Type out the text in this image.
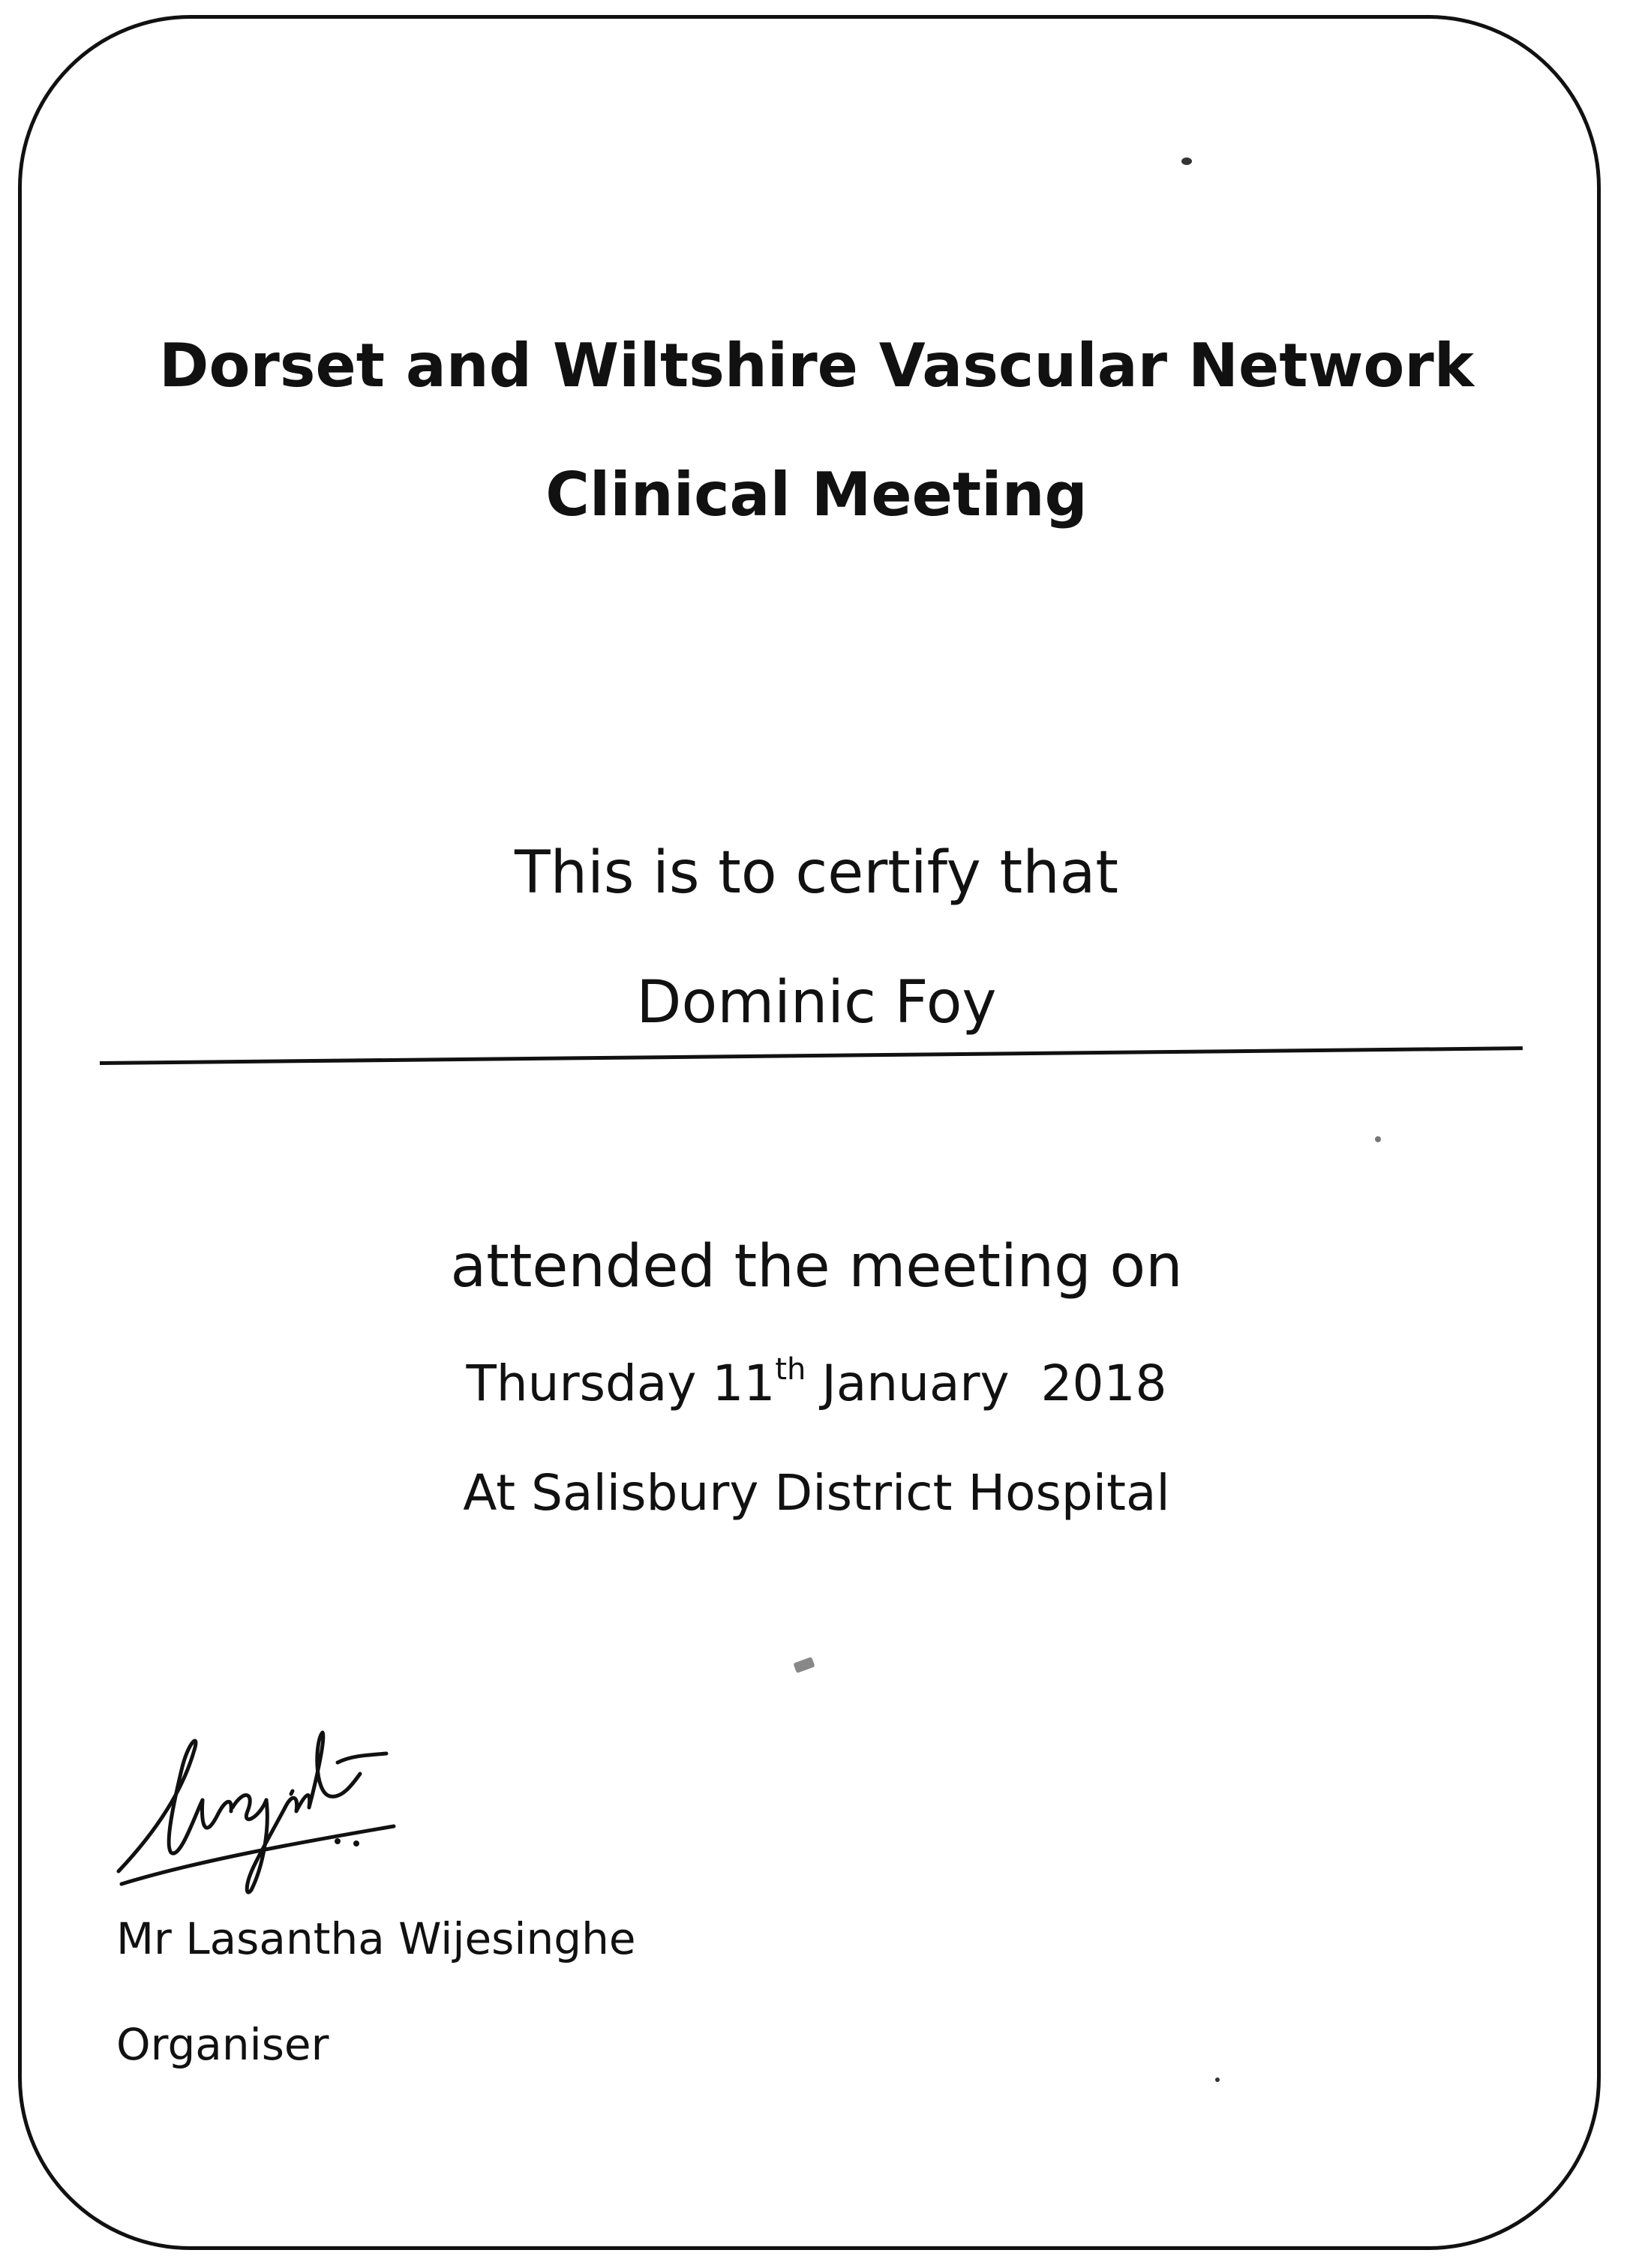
Dorset and Wiltshire Vascular Network
Clinical Meeting
This is to certify that
Dominic Foy
attended the meeting on
Thursday 11th January  2018
At Salisbury District Hospital
Mr Lasantha Wijesinghe
Organiser
